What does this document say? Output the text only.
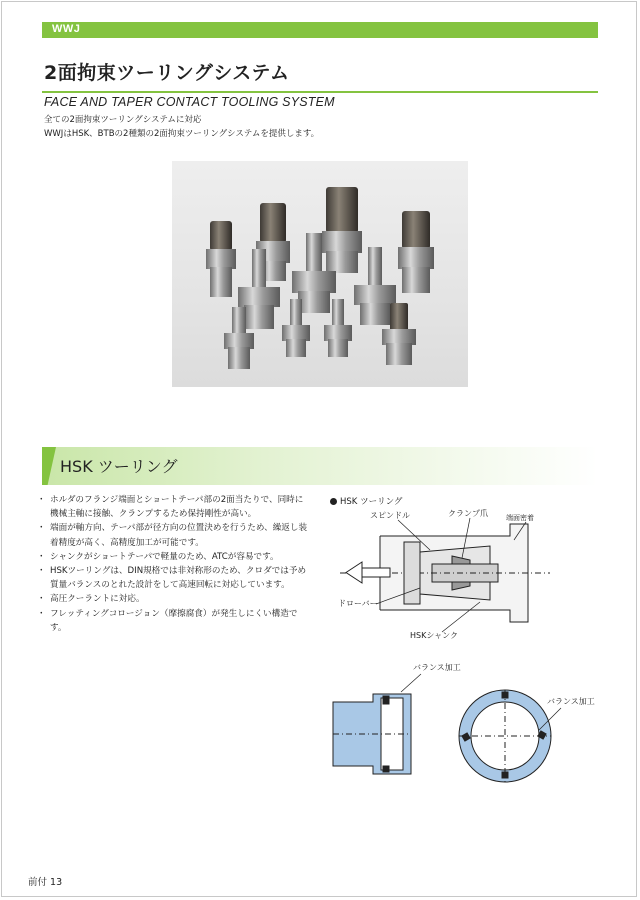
WWJ
2面拘束ツーリングシステム
FACE AND TAPER CONTACT TOOLING SYSTEM
全ての2面拘束ツーリングシステムに対応
WWJはHSK、BTBの2種類の2面拘束ツーリングシステムを提供します。
HSK ツーリング
・ ホルダのフランジ端面とショートテーパ部の2面当たりで、同時に機械主軸に接触、クランプするため保持剛性が高い。
・ 端面が軸方向、テーパ部が径方向の位置決めを行うため、繰返し装着精度が高く、高精度加工が可能です。
・ シャンクがショートテーパで軽量のため、ATCが容易です。
・ HSKツーリングは、DIN規格では非対称形のため、クロダでは予め質量バランスのとれた設計をして高速回転に対応しています。
・ 高圧クーラントに対応。
・ フレッティングコロージョン（摩擦腐食）が発生しにくい構造です。
HSK ツーリング
スピンドル	クランプ爪	端面密着
ドローバー
HSKシャンク
バランス加工
バランス加工
前付 13
